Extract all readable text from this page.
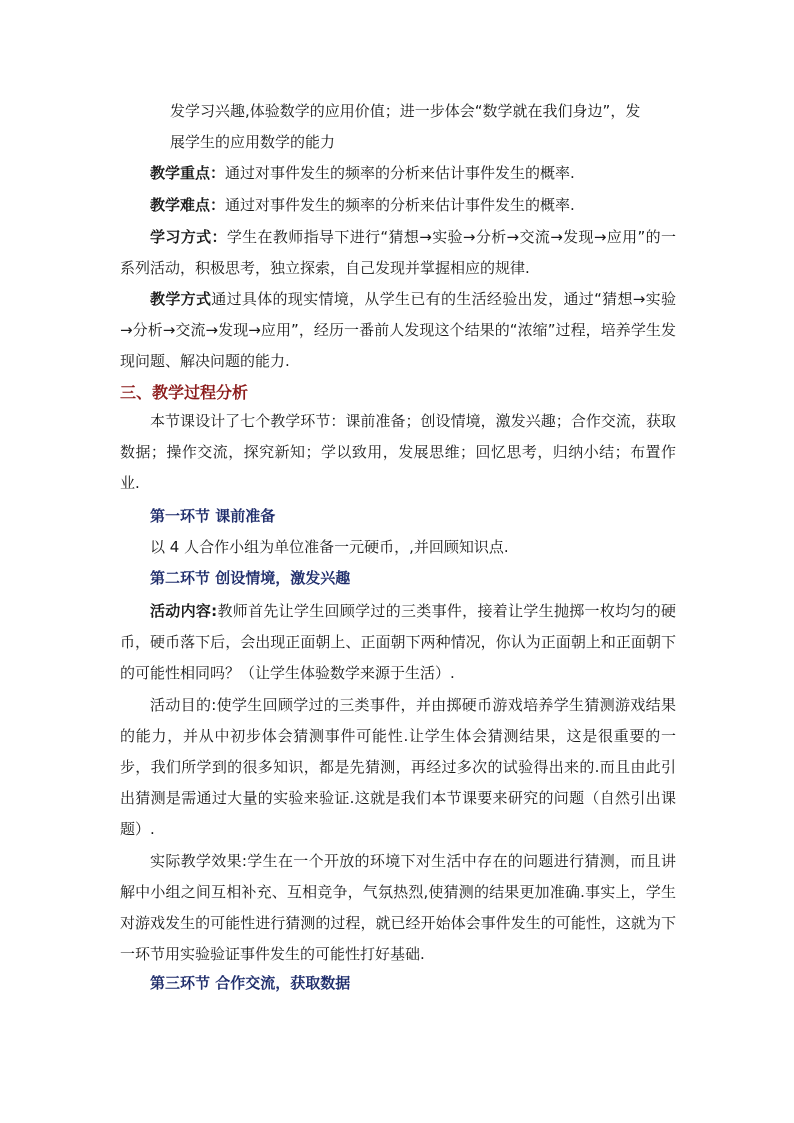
发学习兴趣,体验数学的应用价值；进一步体会“数学就在我们身边”，发
展学生的应用数学的能力

教学重点：通过对事件发生的频率的分析来估计事件发生的概率.

教学难点：通过对事件发生的频率的分析来估计事件发生的概率.

学习方式：学生在教师指导下进行“猜想→实验→分析→交流→发现→应用”的一系列活动，积极思考，独立探索，自己发现并掌握相应的规律.

教学方式通过具体的现实情境，从学生已有的生活经验出发，通过“猜想→实验→分析→交流→发现→应用”，经历一番前人发现这个结果的“浓缩”过程，培养学生发现问题、解决问题的能力.

三、教学过程分析

本节课设计了七个教学环节：课前准备；创设情境，激发兴趣；合作交流，获取数据；操作交流，探究新知；学以致用，发展思维；回忆思考，归纳小结；布置作业.

第一环节 课前准备

以 4 人合作小组为单位准备一元硬币，,并回顾知识点.

第二环节 创设情境，激发兴趣

活动内容:教师首先让学生回顾学过的三类事件，接着让学生抛掷一枚均匀的硬币，硬币落下后，会出现正面朝上、正面朝下两种情况，你认为正面朝上和正面朝下的可能性相同吗？（让学生体验数学来源于生活）.

活动目的:使学生回顾学过的三类事件，并由掷硬币游戏培养学生猜测游戏结果的能力，并从中初步体会猜测事件可能性.让学生体会猜测结果，这是很重要的一步，我们所学到的很多知识，都是先猜测，再经过多次的试验得出来的.而且由此引出猜测是需通过大量的实验来验证.这就是我们本节课要来研究的问题（自然引出课题）.

实际教学效果:学生在一个开放的环境下对生活中存在的问题进行猜测，而且讲解中小组之间互相补充、互相竞争，气氛热烈,使猜测的结果更加准确.事实上，学生对游戏发生的可能性进行猜测的过程，就已经开始体会事件发生的可能性，这就为下一环节用实验验证事件发生的可能性打好基础.

第三环节 合作交流，获取数据
